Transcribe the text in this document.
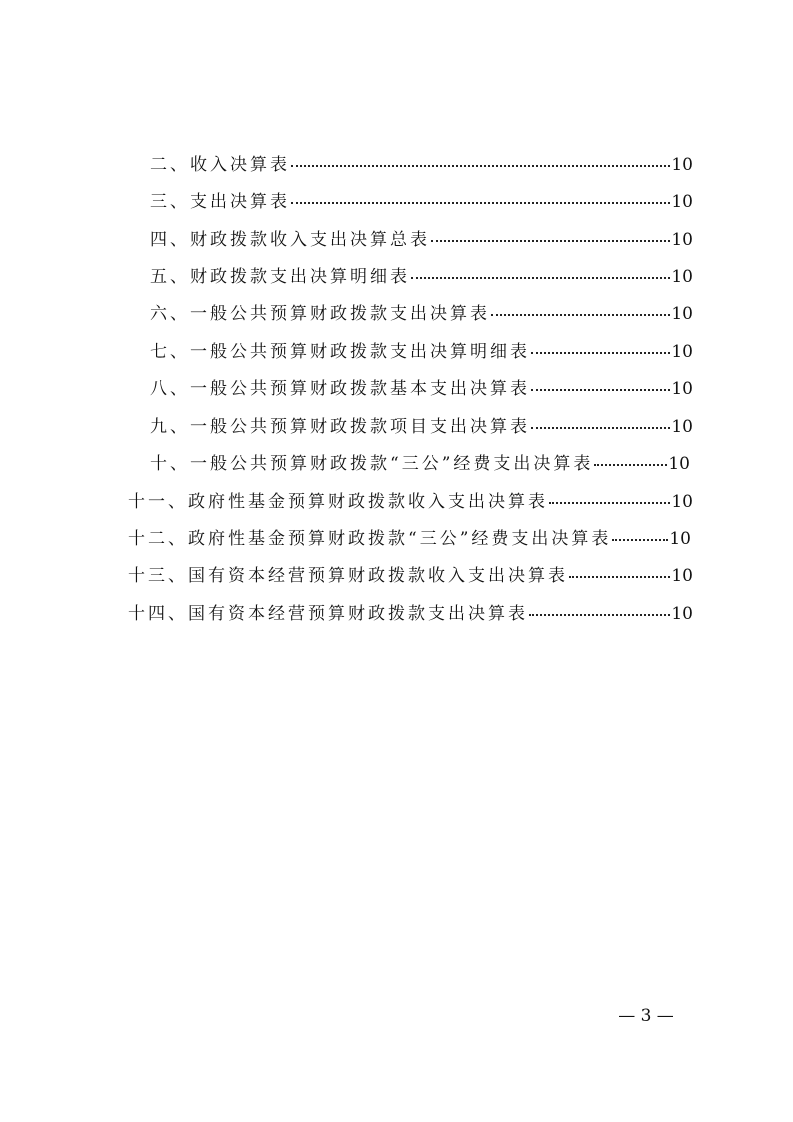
二、收入决算表	10
三、支出决算表	10
四、财政拨款收入支出决算总表	10
五、财政拨款支出决算明细表	10
六、一般公共预算财政拨款支出决算表	10
七、一般公共预算财政拨款支出决算明细表	10
八、一般公共预算财政拨款基本支出决算表	10
九、一般公共预算财政拨款项目支出决算表	10
十、一般公共预算财政拨款“三公”经费支出决算表	10
十一、政府性基金预算财政拨款收入支出决算表	10
十二、政府性基金预算财政拨款“三公”经费支出决算表	10
十三、国有资本经营预算财政拨款收入支出决算表	10
十四、国有资本经营预算财政拨款支出决算表	10
— 3 —
